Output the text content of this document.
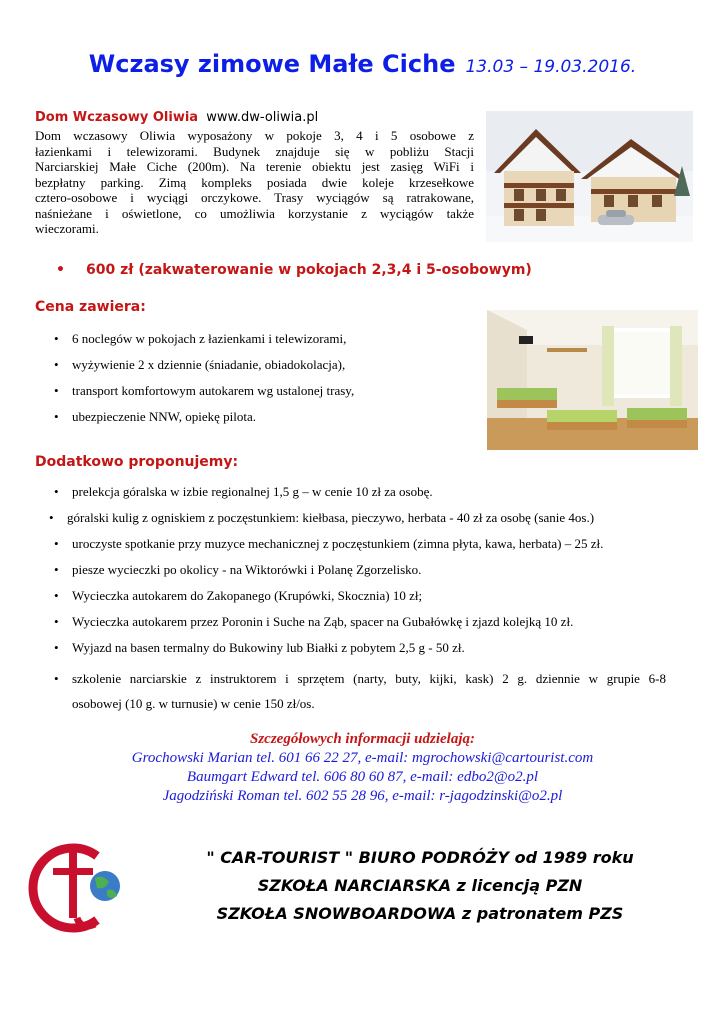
Wczasy zimowe Małe Ciche 13.03 – 19.03.2016.
Dom Wczasowy Oliwia www.dw-oliwia.pl
Dom wczasowy Oliwia wyposażony w pokoje 3, 4 i 5 osobowe z
łazienkami i telewizorami. Budynek znajduje się w pobliżu Stacji
Narciarskiej Małe Ciche (200m). Na terenie obiektu jest zasięg WiFi i
bezpłatny parking. Zimą kompleks posiada dwie koleje krzesełkowe
cztero-osobowe i wyciągi orczykowe. Trasy wyciągów są ratrakowane,
naśnieżane i oświetlone, co umożliwia korzystanie z wyciągów także
wieczorami.
• 600 zł (zakwaterowanie w pokojach 2,3,4 i 5-osobowym)
Cena zawiera:
• 6 noclegów w pokojach z łazienkami i telewizorami,
• wyżywienie 2 x dziennie (śniadanie, obiadokolacja),
• transport komfortowym autokarem wg ustalonej trasy,
• ubezpieczenie NNW, opiekę pilota.
Dodatkowo proponujemy:
• prelekcja góralska w izbie regionalnej 1,5 g – w cenie 10 zł za osobę.
• góralski kulig z ogniskiem z poczęstunkiem: kiełbasa, pieczywo, herbata - 40 zł za osobę (sanie 4os.)
• uroczyste spotkanie przy muzyce mechanicznej z poczęstunkiem (zimna płyta, kawa, herbata) – 25 zł.
• piesze wycieczki po okolicy - na Wiktorówki i Polanę Zgorzelisko.
• Wycieczka autokarem do Zakopanego (Krupówki, Skocznia) 10 zł;
• Wycieczka autokarem przez Poronin i Suche na Ząb, spacer na Gubałówkę i zjazd kolejką 10 zł.
• Wyjazd na basen termalny do Bukowiny lub Białki z pobytem 2,5 g - 50 zł.
• szkolenie narciarskie z instruktorem i sprzętem (narty, buty, kijki, kask) 2 g. dziennie w grupie 6-8
osobowej (10 g. w turnusie) w cenie 150 zł/os.
Szczegółowych informacji udzielają:
Grochowski Marian tel. 601 66 22 27, e-mail: mgrochowski@cartourist.com
Baumgart Edward tel. 606 80 60 87, e-mail: edbo2@o2.pl
Jagodziński Roman tel. 602 55 28 96, e-mail: r-jagodzinski@o2.pl
" CAR-TOURIST " BIURO PODRÓŻY od 1989 roku
SZKOŁA NARCIARSKA z licencją PZN
SZKOŁA SNOWBOARDOWA z patronatem PZS
